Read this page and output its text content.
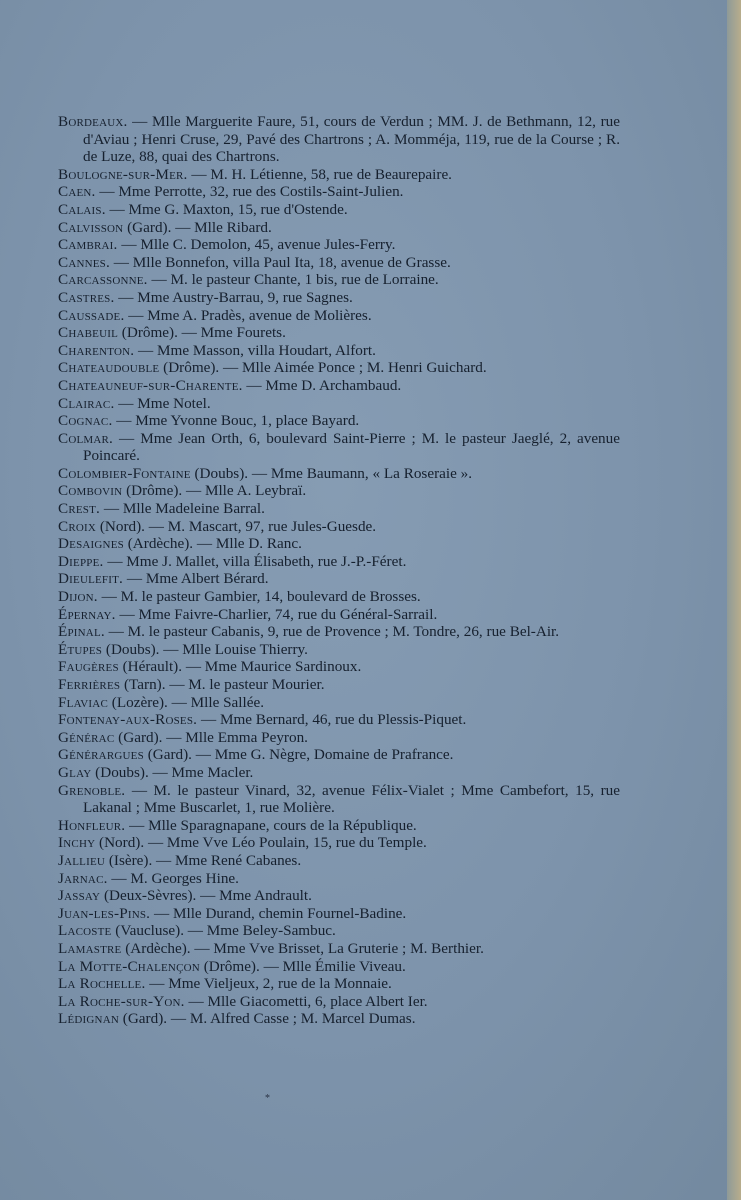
Bordeaux. — Mlle Marguerite Faure, 51, cours de Verdun ; MM. J. de Bethmann, 12, rue d'Aviau ; Henri Cruse, 29, Pavé des Chartrons ; A. Momméja, 119, rue de la Course ; R. de Luze, 88, quai des Chartrons.

Boulogne-sur-Mer. — M. H. Létienne, 58, rue de Beaurepaire.

Caen. — Mme Perrotte, 32, rue des Costils-Saint-Julien.

Calais. — Mme G. Maxton, 15, rue d'Ostende.

Calvisson (Gard). — Mlle Ribard.

Cambrai. — Mlle C. Demolon, 45, avenue Jules-Ferry.

Cannes. — Mlle Bonnefon, villa Paul Ita, 18, avenue de Grasse.

Carcassonne. — M. le pasteur Chante, 1 bis, rue de Lorraine.

Castres. — Mme Austry-Barrau, 9, rue Sagnes.

Caussade. — Mme A. Pradès, avenue de Molières.

Chabeuil (Drôme). — Mme Fourets.

Charenton. — Mme Masson, villa Houdart, Alfort.

Chateaudouble (Drôme). — Mlle Aimée Ponce ; M. Henri Guichard.

Chateauneuf-sur-Charente. — Mme D. Archambaud.

Clairac. — Mme Notel.

Cognac. — Mme Yvonne Bouc, 1, place Bayard.

Colmar. — Mme Jean Orth, 6, boulevard Saint-Pierre ; M. le pasteur Jaeglé, 2, avenue Poincaré.

Colombier-Fontaine (Doubs). — Mme Baumann, « La Roseraie ».

Combovin (Drôme). — Mlle A. Leybraï.

Crest. — Mlle Madeleine Barral.

Croix (Nord). — M. Mascart, 97, rue Jules-Guesde.

Desaignes (Ardèche). — Mlle D. Ranc.

Dieppe. — Mme J. Mallet, villa Élisabeth, rue J.-P.-Féret.

Dieulefit. — Mme Albert Bérard.

Dijon. — M. le pasteur Gambier, 14, boulevard de Brosses.

Épernay. — Mme Faivre-Charlier, 74, rue du Général-Sarrail.

Épinal. — M. le pasteur Cabanis, 9, rue de Provence ; M. Tondre, 26, rue Bel-Air.

Étupes (Doubs). — Mlle Louise Thierry.

Faugères (Hérault). — Mme Maurice Sardinoux.

Ferrières (Tarn). — M. le pasteur Mourier.

Flaviac (Lozère). — Mlle Sallée.

Fontenay-aux-Roses. — Mme Bernard, 46, rue du Plessis-Piquet.

Générac (Gard). — Mlle Emma Peyron.

Générargues (Gard). — Mme G. Nègre, Domaine de Prafrance.

Glay (Doubs). — Mme Macler.

Grenoble. — M. le pasteur Vinard, 32, avenue Félix-Vialet ; Mme Cambefort, 15, rue Lakanal ; Mme Buscarlet, 1, rue Molière.

Honfleur. — Mlle Sparagnapane, cours de la République.

Inchy (Nord). — Mme Vve Léo Poulain, 15, rue du Temple.

Jallieu (Isère). — Mme René Cabanes.

Jarnac. — M. Georges Hine.

Jassay (Deux-Sèvres). — Mme Andrault.

Juan-les-Pins. — Mlle Durand, chemin Fournel-Badine.

Lacoste (Vaucluse). — Mme Beley-Sambuc.

Lamastre (Ardèche). — Mme Vve Brisset, La Gruterie ; M. Berthier.

La Motte-Chalençon (Drôme). — Mlle Émilie Viveau.

La Rochelle. — Mme Vieljeux, 2, rue de la Monnaie.

La Roche-sur-Yon. — Mlle Giacometti, 6, place Albert Ier.

Lédignan (Gard). — M. Alfred Casse ; M. Marcel Dumas.

*
